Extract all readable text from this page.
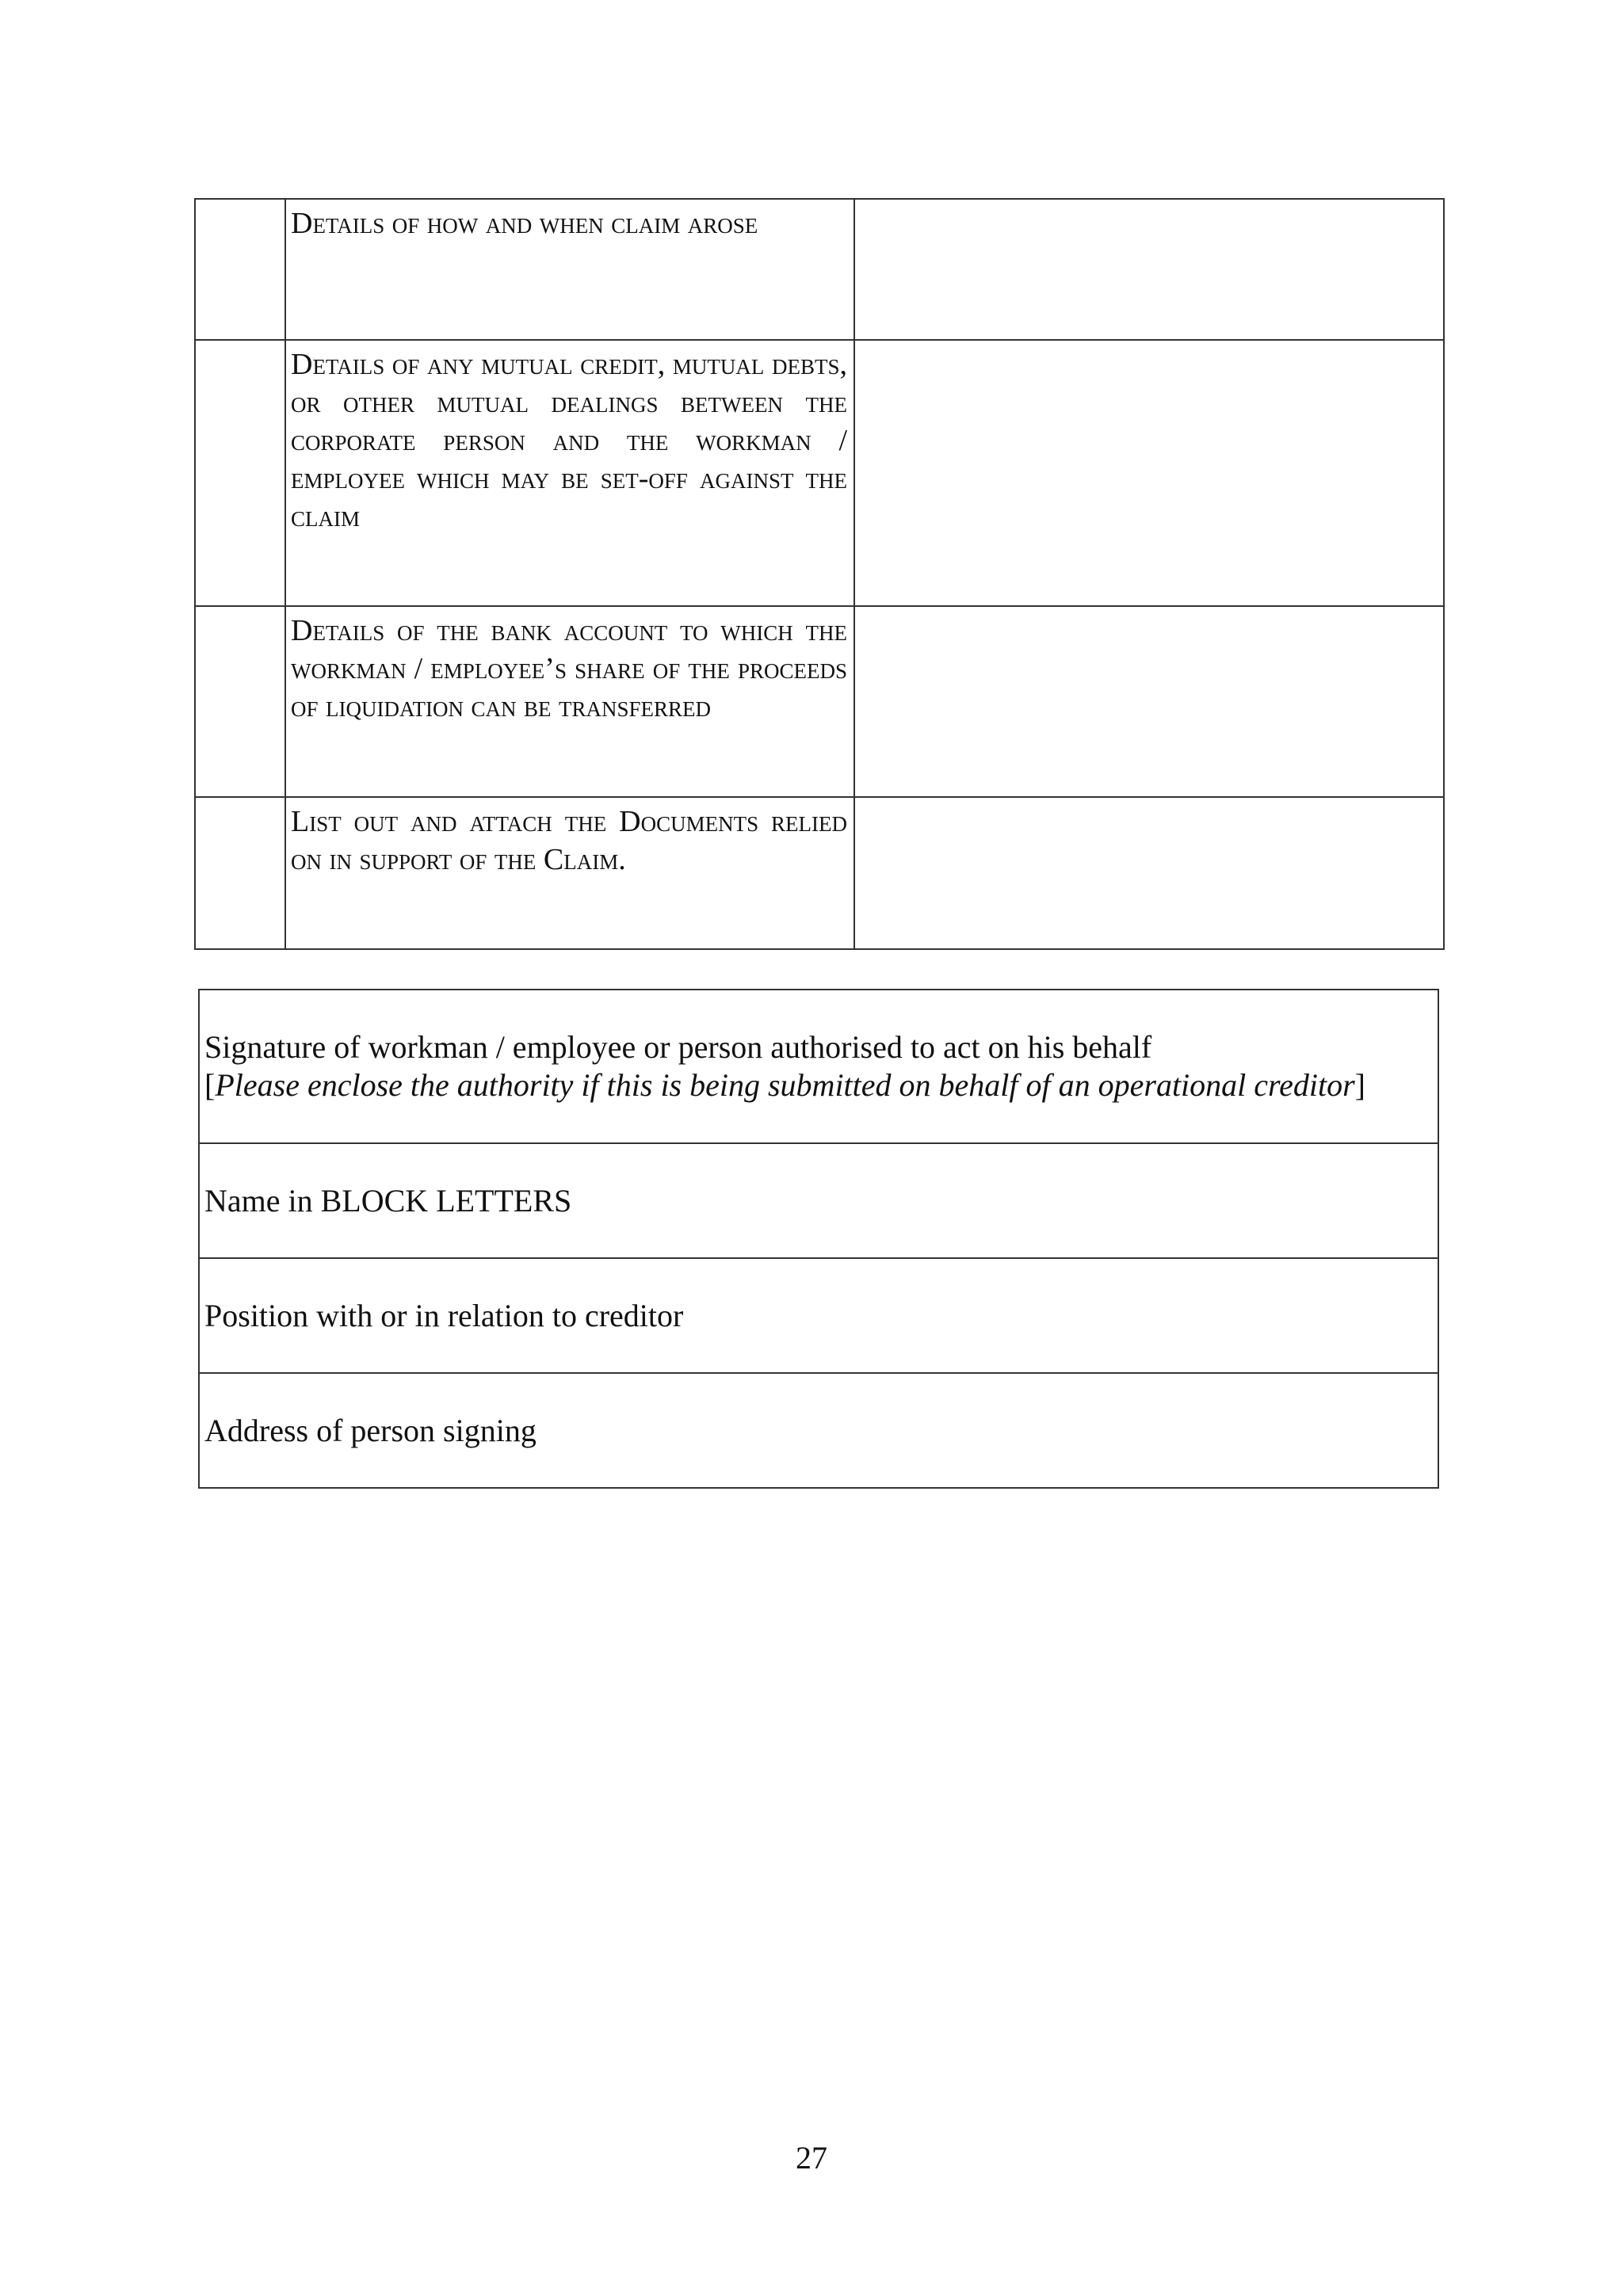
	Details of how and when claim arose	
	Details of any mutual credit, mutual debts, or other mutual dealings between the corporate person and the workman / employee which may be set-off against the claim	
	Details of the bank account to which the workman / employee’s share of the proceeds of liquidation can be transferred	
	List out and attach the Documents relied on in support of the Claim.	
Signature of workman / employee or person authorised to act on his behalf
[Please enclose the authority if this is being submitted on behalf of an operational creditor]

Name in BLOCK LETTERS
Position with or in relation to creditor
Address of person signing
27
